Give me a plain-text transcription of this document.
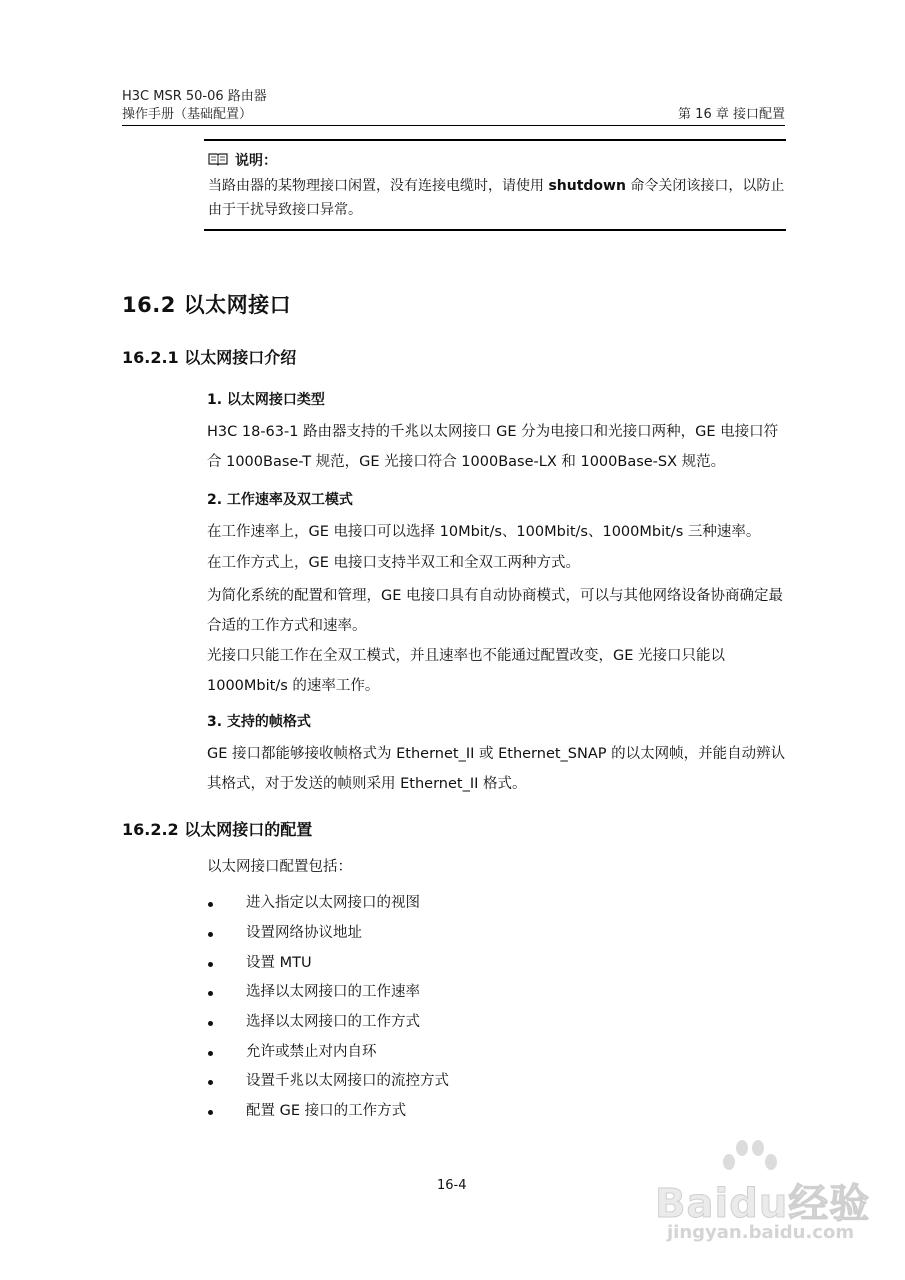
H3C MSR 50-06 路由器
操作手册（基础配置）	第 16 章 接口配置
说明：
当路由器的某物理接口闲置，没有连接电缆时，请使用 shutdown 命令关闭该接口，以防止由于干扰导致接口异常。
16.2 以太网接口
16.2.1 以太网接口介绍
1. 以太网接口类型
H3C 18-63-1 路由器支持的千兆以太网接口 GE 分为电接口和光接口两种，GE 电接口符合 1000Base-T 规范，GE 光接口符合 1000Base-LX 和 1000Base-SX 规范。
2. 工作速率及双工模式
在工作速率上，GE 电接口可以选择 10Mbit/s、100Mbit/s、1000Mbit/s 三种速率。
在工作方式上，GE 电接口支持半双工和全双工两种方式。
为简化系统的配置和管理，GE 电接口具有自动协商模式，可以与其他网络设备协商确定最合适的工作方式和速率。
光接口只能工作在全双工模式，并且速率也不能通过配置改变，GE 光接口只能以 1000Mbit/s 的速率工作。
3. 支持的帧格式
GE 接口都能够接收帧格式为 Ethernet_II 或 Ethernet_SNAP 的以太网帧，并能自动辨认其格式，对于发送的帧则采用 Ethernet_II 格式。
16.2.2 以太网接口的配置
以太网接口配置包括：
进入指定以太网接口的视图
设置网络协议地址
设置 MTU
选择以太网接口的工作速率
选择以太网接口的工作方式
允许或禁止对内自环
设置千兆以太网接口的流控方式
配置 GE 接口的工作方式
16-4	Baidu经验
jingyan.baidu.com
